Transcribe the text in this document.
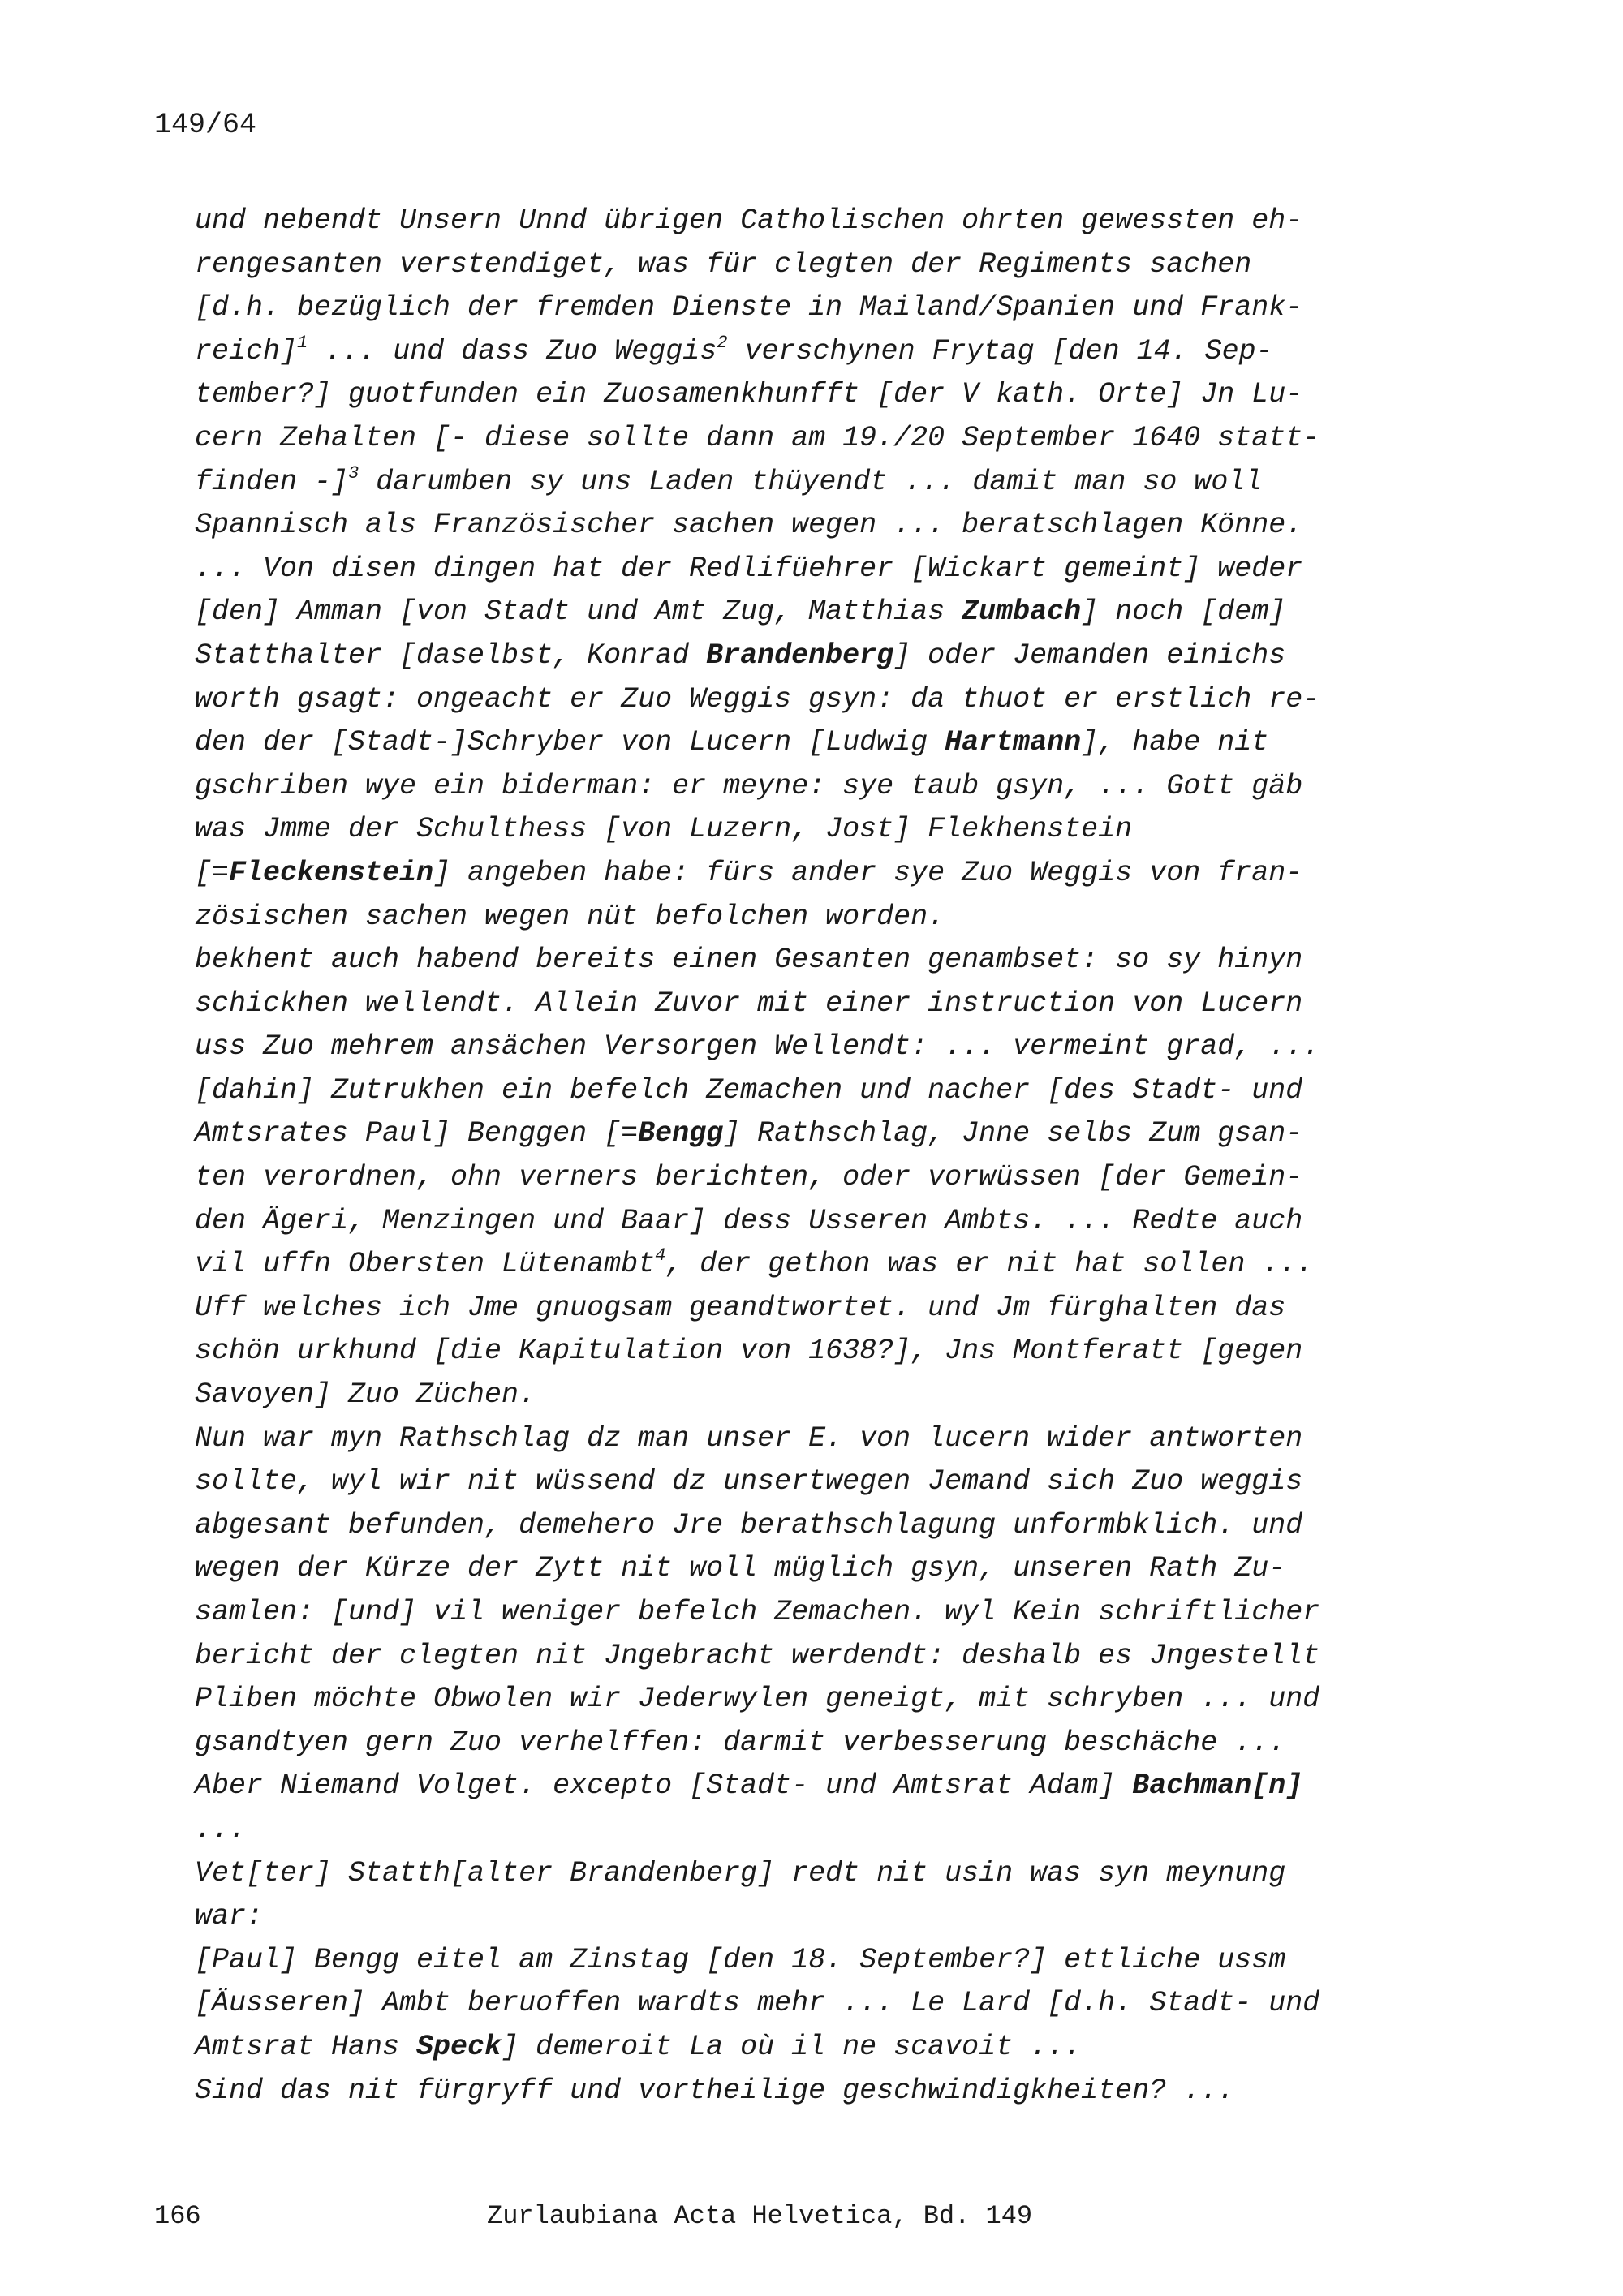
149/64
und nebendt Unsern Unnd übrigen Catholischen ohrten gewessten eh-
rengesanten verstendiget, was für clegten der Regiments sachen
[d.h. bezüglich der fremden Dienste in Mailand/Spanien und Frank-
reich]$^1$ ... und dass Zuo Weggis$^2$ verschynen Frytag [den 14. Sep-
tember?] guotfunden ein Zuosamenkhunfft [der V kath. Orte] Jn Lu-
cern Zehalten [- diese sollte dann am 19./20 September 1640 statt-
finden -]$^3$ darumben sy uns Laden thüyendt ... damit man so woll
Spannisch als Französischer sachen wegen ... beratschlagen Könne.
... Von disen dingen hat der Redlifüehrer [Wickart gemeint] weder
[den] Amman [von Stadt und Amt Zug, Matthias Zumbach] noch [dem]
Statthalter [daselbst, Konrad Brandenberg] oder Jemanden einichs
worth gsagt: ongeacht er Zuo Weggis gsyn: da thuot er erstlich re-
den der [Stadt-]Schryber von Lucern [Ludwig Hartmann], habe nit
gschriben wye ein biderman: er meyne: sye taub gsyn, ... Gott gäb
was Jmme der Schulthess [von Luzern, Jost] Flekhenstein
[=Fleckenstein] angeben habe: fürs ander sye Zuo Weggis von fran-
zösischen sachen wegen nüt befolchen worden.
bekhent auch habend bereits einen Gesanten genambset: so sy hinyn
schickhen wellendt. Allein Zuvor mit einer instruction von Lucern
uss Zuo mehrem ansächen Versorgen Wellendt: ... vermeint grad, ...
[dahin] Zutrukhen ein befelch Zemachen und nacher [des Stadt- und
Amtsrates Paul] Benggen [=Bengg] Rathschlag, Jnne selbs Zum gsan-
ten verordnen, ohn verners berichten, oder vorwüssen [der Gemein-
den Ägeri, Menzingen und Baar] dess Usseren Ambts. ... Redte auch
vil uffn Obersten Lütenambt$^4$, der gethon was er nit hat sollen ...
Uff welches ich Jme gnuogsam geandtwortet. und Jm fürghalten das
schön urkhund [die Kapitulation von 1638?], Jns Montferatt [gegen
Savoyen] Zuo Züchen.
Nun war myn Rathschlag dz man unser E. von lucern wider antworten
sollte, wyl wir nit wüssend dz unsertwegen Jemand sich Zuo weggis
abgesant befunden, demehero Jre berathschlagung unformbklich. und
wegen der Kürze der Zytt nit woll müglich gsyn, unseren Rath Zu-
samlen: [und] vil weniger befelch Zemachen. wyl Kein schriftlicher
bericht der clegten nit Jngebracht werdendt: deshalb es Jngestellt
Pliben möchte Obwolen wir Jederwylen geneigt, mit schryben ... und
gsandtyen gern Zuo verhelffen: darmit verbesserung beschäche ...
Aber Niemand Volget. excepto [Stadt- und Amtsrat Adam] Bachman[n]
...
Vet[ter] Statth[alter Brandenberg] redt nit usin was syn meynung
war:
[Paul] Bengg eitel am Zinstag [den 18. September?] ettliche ussm
[Äusseren] Ambt beruoffen wardts mehr ... Le Lard [d.h. Stadt- und
Amtsrat Hans Speck] demeroit La où il ne scavoit ...
Sind das nit fürgryff und vortheilige geschwindigkheiten? ...
166	Zurlaubiana Acta Helvetica, Bd. 149
